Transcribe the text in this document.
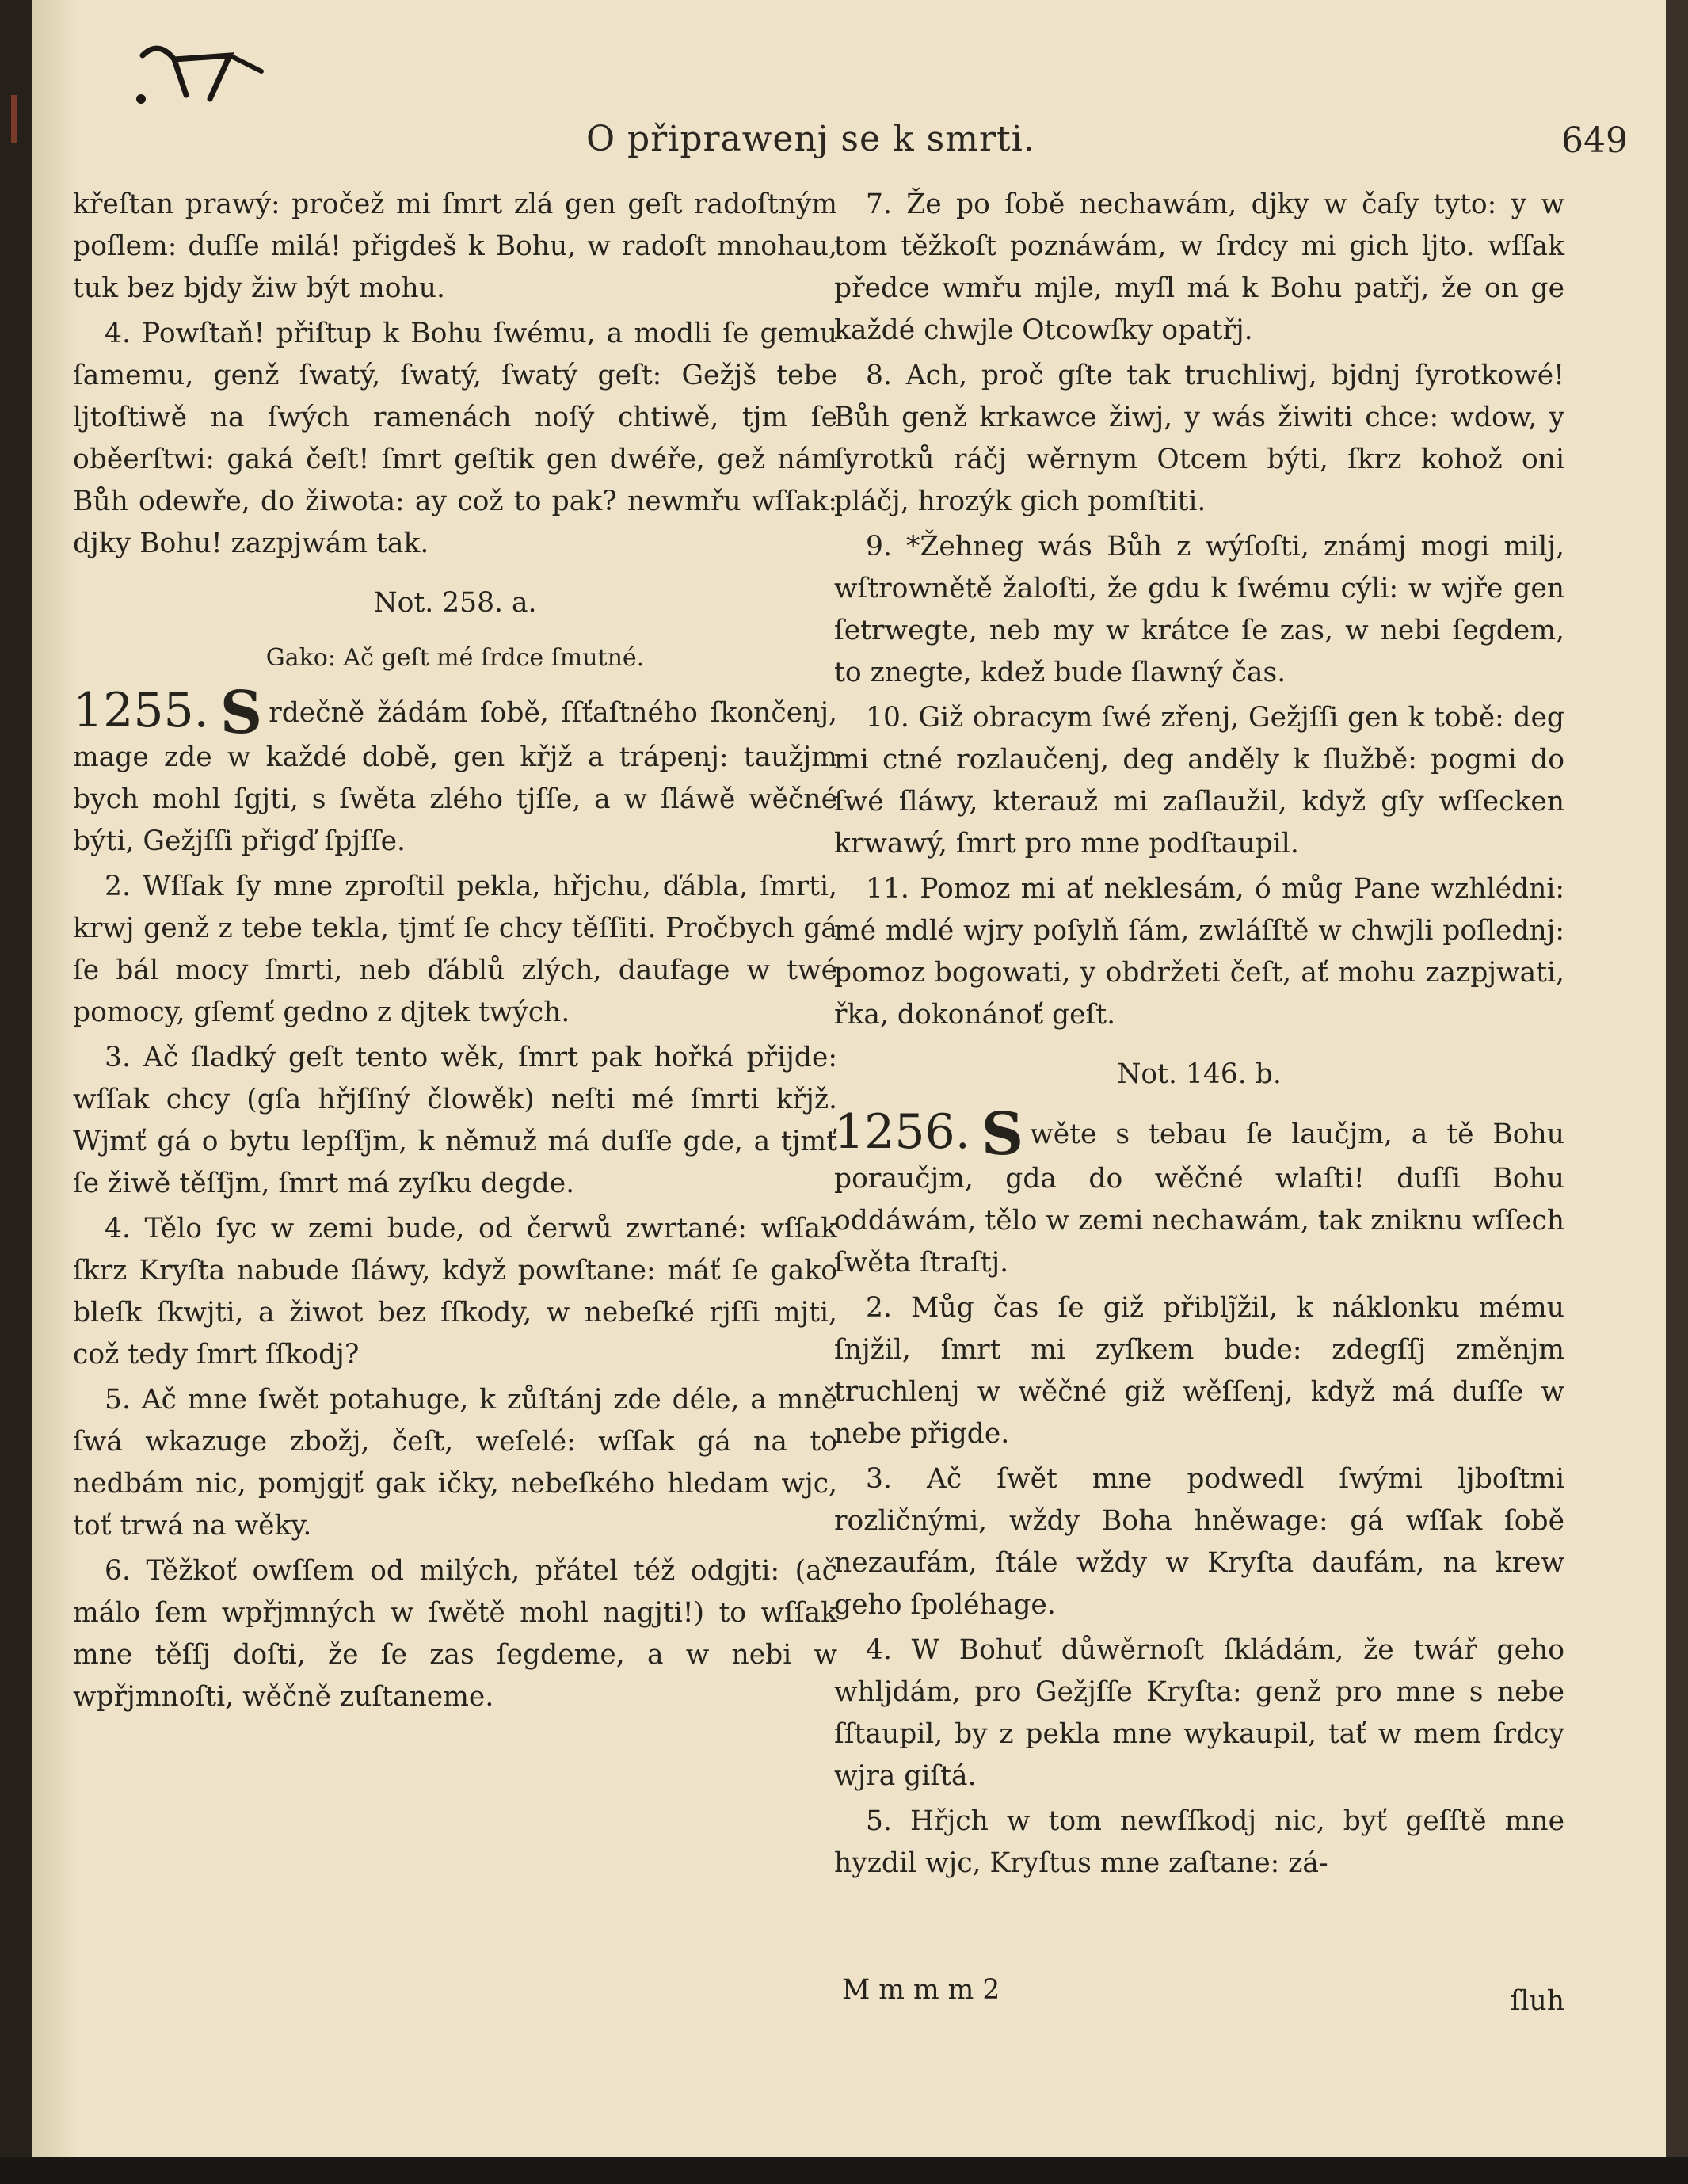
O připrawenj se k smrti.	649

křeſtan prawý: pročež mi ſmrt zlá gen geſt radoſtným poſlem: duſſe milá! přigdeš k Bohu, w radoſt mnohau, tuk bez bjdy žiw být mohu.

4. Powſtaň! přiſtup k Bohu ſwému, a modli ſe gemu ſamemu, genž ſwatý, ſwatý, ſwatý geſt: Gežjš tebe ljtoſtiwě na ſwých ramenách noſý chtiwě, tjm ſe oběerſtwi: gaká čeſt! ſmrt geſtik gen dwéře, gež nám Bůh odewře, do žiwota: ay což to pak? newmřu wſſak: djky Bohu! zazpjwám tak.

Not. 258. a.

Gako: Ač geſt mé ſrdce ſmutné.

1255. S rdečně žádám ſobě, ſſťaſtného ſkončenj, mage zde w každé době, gen křjž a trápenj: taužjm bych mohl ſgjti, s ſwěta zlého tjſſe, a w ſláwě wěčné býti, Gežjſſi přigď ſpjſſe.

2. Wſſak ſy mne zproſtil pekla, hřjchu, ďábla, ſmrti, krwj genž z tebe tekla, tjmť ſe chcy těſſiti. Pročbych gá ſe bál mocy ſmrti, neb ďáblů zlých, daufage w twé pomocy, gſemť gedno z djtek twých.

3. Ač ſladký geſt tento wěk, ſmrt pak hořká přijde: wſſak chcy (gſa hřjſſný člowěk) neſti mé ſmrti křjž. Wjmť gá o bytu lepſſjm, k němuž má duſſe gde, a tjmť ſe žiwě těſſjm, ſmrt má zyſku degde.

4. Tělo ſyc w zemi bude, od čerwů zwrtané: wſſak ſkrz Kryſta nabude ſláwy, když powſtane: máť ſe gako bleſk ſkwjti, a žiwot bez ſſkody, w nebeſké rjſſi mjti, což tedy ſmrt ſſkodj?

5. Ač mne ſwět potahuge, k zůſtánj zde déle, a mně ſwá wkazuge zbožj, čeſt, weſelé: wſſak gá na to nedbám nic, pomjgjť gak ičky, nebeſkého hledam wjc, toť trwá na wěky.

6. Těžkoť owſſem od milých, přátel též odgjti: (ač málo ſem wpřjmných w ſwětě mohl nagjti!) to wſſak mne těſſj doſti, že ſe zas ſegdeme, a w nebi w wpřjmnoſti, wěčně zuſtaneme.

7. Že po ſobě nechawám, djky w čaſy tyto: y w tom těžkoſt poznáwám, w ſrdcy mi gich ljto. wſſak předce wmřu mjle, myſl má k Bohu patřj, že on ge každé chwjle Otcowſky opatřj.

8. Ach, proč gſte tak truchliwj, bjdnj ſyrotkowé! Bůh genž krkawce žiwj, y wás žiwiti chce: wdow, y ſyrotků ráčj wěrnym Otcem býti, ſkrz kohož oni pláčj, hrozýk gich pomſtiti.

9. *Žehneg wás Bůh z wýſoſti, známj mogi milj, wſtrownětě žaloſti, že gdu k ſwému cýli: w wjře gen ſetrwegte, neb my w krátce ſe zas, w nebi ſegdem, to znegte, kdež bude ſlawný čas.

10. Giž obracym ſwé zřenj, Gežjſſi gen k tobě: deg mi ctné rozlaučenj, deg anděly k ſlužbě: pogmi do ſwé ſláwy, kterauž mi zaſlaužil, když gſy wſſecken krwawý, ſmrt pro mne podſtaupil.

11. Pomoz mi ať neklesám, ó můg Pane wzhlédni: mé mdlé wjry poſylň ſám, zwláſſtě w chwjli poſlednj: pomoz bogowati, y obdržeti čeſt, ať mohu zazpjwati, řka, dokonánoť geſt.

Not. 146. b.

1256. S wěte s tebau ſe laučjm, a tě Bohu poraučjm, gda do wěčné wlaſti! duſſi Bohu oddáwám, tělo w zemi nechawám, tak zniknu wſſech ſwěta ſtraſtj.

2. Můg čas ſe giž přiblj̃žil, k náklonku mému ſnjžil, ſmrt mi zyſkem bude: zdegſſj změnjm truchlenj w wěčné giž wěſſenj, když má duſſe w nebe přigde.

3. Ač ſwět mne podwedl ſwými ljboſtmi rozličnými, wždy Boha hněwage: gá wſſak ſobě nezaufám, ſtále wždy w Kryſta daufám, na krew geho ſpoléhage.

4. W Bohuť důwěrnoſt ſkládám, že twář geho whljdám, pro Gežjſſe Kryſta: genž pro mne s nebe ſſtaupil, by z pekla mne wykaupil, tať w mem ſrdcy wjra giſtá.

5. Hřjch w tom newſſkodj nic, byť geſſtě mne hyzdil wjc, Kryſtus mne zaſtane: zá-

M m m m 2	ſluh
